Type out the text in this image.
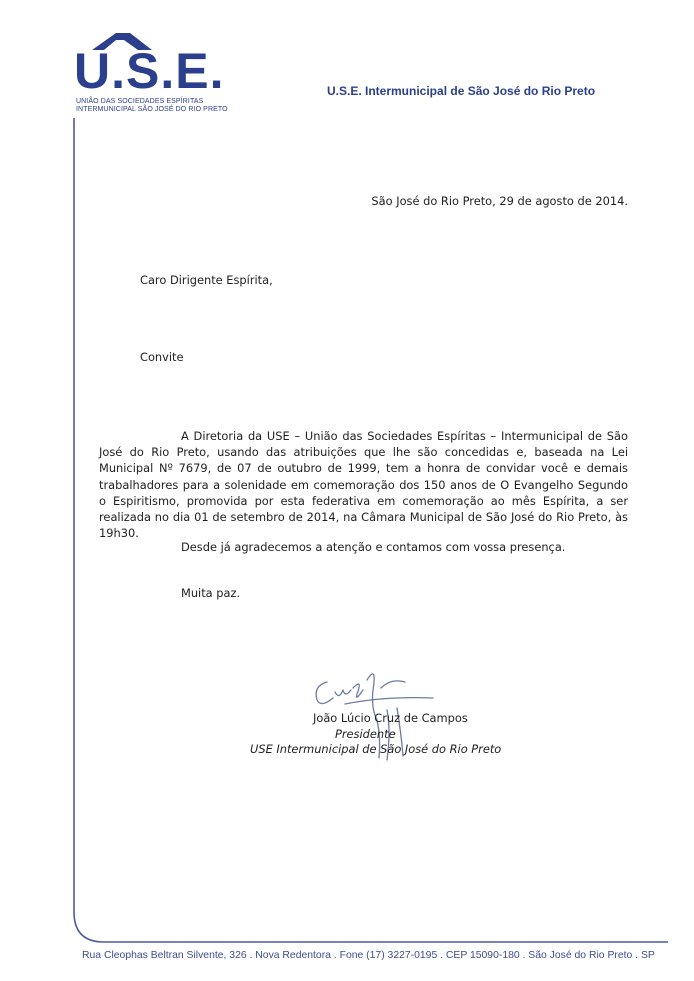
U.S.E.
UNIÃO DAS SOCIEDADES ESPÍRITAS
INTERMUNICIPAL SÃO JOSÉ DO RIO PRETO
U.S.E. Intermunicipal de São José do Rio Preto
São José do Rio Preto, 29 de agosto de 2014.
Caro Dirigente Espírita,
Convite

A Diretoria da USE – União das Sociedades Espíritas – Intermunicipal de São José do Rio Preto, usando das atribuições que lhe são concedidas e, baseada na Lei Municipal Nº 7679, de 07 de outubro de 1999, tem a honra de convidar você e demais trabalhadores para a solenidade em comemoração dos 150 anos de O Evangelho Segundo o Espiritismo, promovida por esta federativa em comemoração ao mês Espírita, a ser realizada no dia 01 de setembro de 2014, na Câmara Municipal de São José do Rio Preto, às 19h30.

Desde já agradecemos a atenção e contamos com vossa presença.
Muita paz.
João Lúcio Cruz de Campos
Presidente
USE Intermunicipal de São José do Rio Preto
Rua Cleophas Beltran Silvente, 326 . Nova Redentora . Fone (17) 3227-0195 . CEP 15090-180 . São José do Rio Preto . SP
